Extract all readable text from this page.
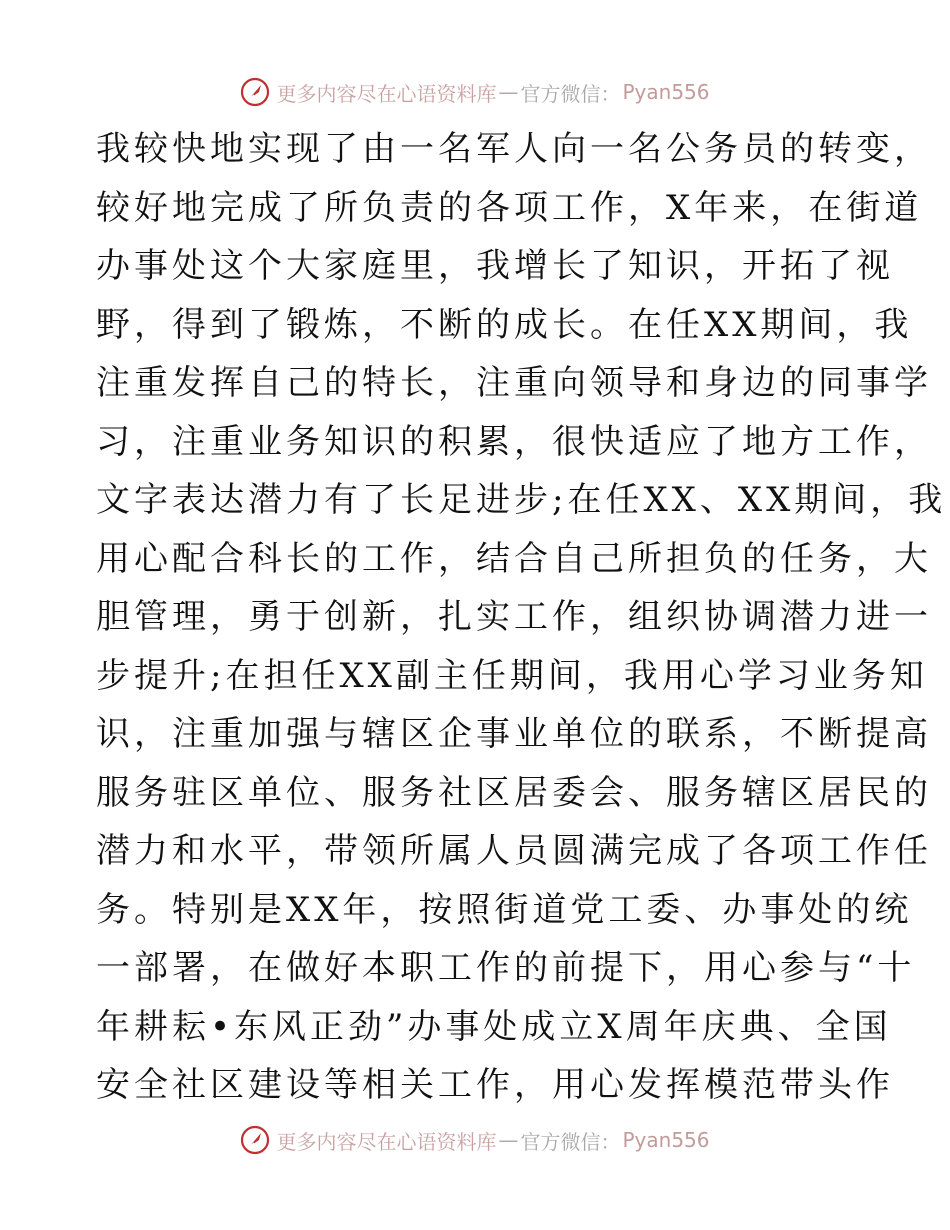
更多内容尽在心语资料库 — 官方微信： Pyan556
我较快地实现了由一名军人向一名公务员的转变，
较好地完成了所负责的各项工作，X年来，在街道
办事处这个大家庭里，我增长了知识，开拓了视
野，得到了锻炼，不断的成长。在任XX期间，我
注重发挥自己的特长，注重向领导和身边的同事学
习，注重业务知识的积累，很快适应了地方工作，
文字表达潜力有了长足进步;在任XX、XX期间，我
用心配合科长的工作，结合自己所担负的任务，大
胆管理，勇于创新，扎实工作，组织协调潜力进一
步提升;在担任XX副主任期间，我用心学习业务知
识，注重加强与辖区企事业单位的联系，不断提高
服务驻区单位、服务社区居委会、服务辖区居民的
潜力和水平，带领所属人员圆满完成了各项工作任
务。特别是XX年，按照街道党工委、办事处的统
一部署，在做好本职工作的前提下，用心参与“十
年耕耘•东风正劲”办事处成立X周年庆典、全国
安全社区建设等相关工作，用心发挥模范带头作
更多内容尽在心语资料库 — 官方微信： Pyan556
